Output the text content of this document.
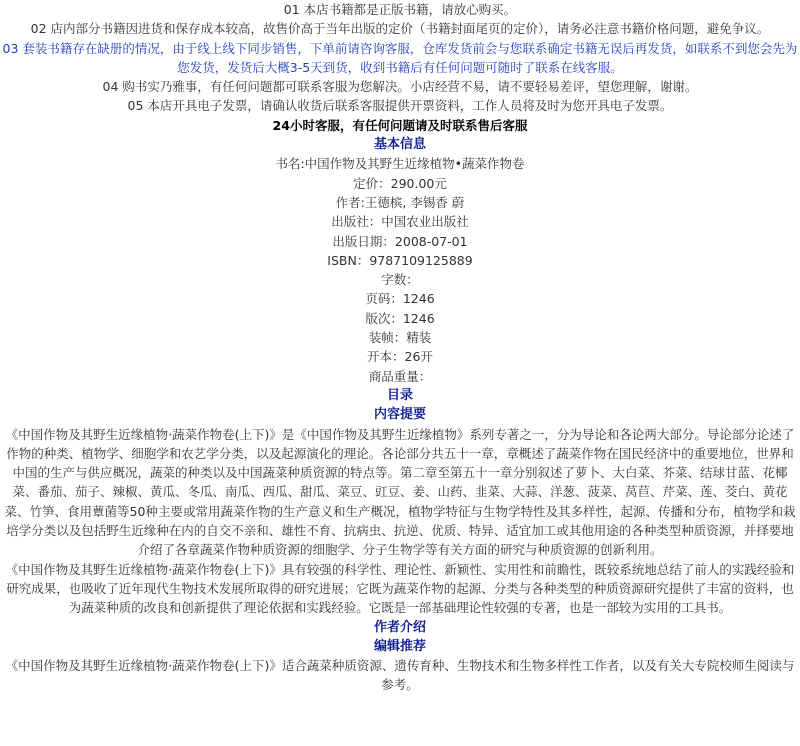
01 本店书籍都是正版书籍，请放心购买。

02 店内部分书籍因进货和保存成本较高，故售价高于当年出版的定价（书籍封面尾页的定价），请务必注意书籍价格问题，避免争议。

03 套装书籍存在缺册的情况，由于线上线下同步销售，下单前请咨询客服，仓库发货前会与您联系确定书籍无误后再发货，如联系不到您会先为您发货，发货后大概3-5天到货，收到书籍后有任何问题可随时了联系在线客服。

04 购书实乃雅事，有任何问题都可联系客服为您解决。小店经营不易，请不要轻易差评，望您理解，谢谢。

05 本店开具电子发票，请确认收货后联系客服提供开票资料，工作人员将及时为您开具电子发票。

24小时客服，有任何问题请及时联系售后客服

基本信息

书名:中国作物及其野生近缘植物•蔬菜作物卷

定价：290.00元

作者:王德槟, 李锡香 蔚

出版社：中国农业出版社

出版日期：2008-07-01

ISBN：9787109125889

字数：

页码：1246

版次：1246

装帧：精装

开本：26开

商品重量：

目录

内容提要

《中国作物及其野生近缘植物·蔬菜作物卷(上下)》是《中国作物及其野生近缘植物》系列专著之一，分为导论和各论两大部分。导论部分论述了作物的种类、植物学、细胞学和农艺学分类，以及起源演化的理论。各论部分共五十一章，章概述了蔬菜作物在国民经济中的重要地位，世界和中国的生产与供应概况，蔬菜的种类以及中国蔬菜种质资源的特点等。第二章至第五十一章分别叙述了萝卜、大白菜、芥菜、结球甘蓝、花椰菜、番茄、茄子、辣椒、黄瓜、冬瓜、南瓜、西瓜、甜瓜、菜豆、豇豆、姜、山药、韭菜、大蒜、洋葱、菠菜、莴苣、芹菜、莲、茭白、黄花菜、竹笋、食用蕈菌等50种主要或常用蔬菜作物的生产意义和生产概况，植物学特征与生物学特性及其多样性，起源、传播和分布，植物学和栽培学分类以及包括野生近缘种在内的自交不亲和、雄性不育、抗病虫、抗逆、优质、特异、适宜加工或其他用途的各种类型种质资源，并择要地介绍了各章蔬菜作物种质资源的细胞学、分子生物学等有关方面的研究与种质资源的创新利用。

《中国作物及其野生近缘植物·蔬菜作物卷(上下)》具有较强的科学性、理论性、新颖性、实用性和前瞻性，既较系统地总结了前人的实践经验和研究成果，也吸收了近年现代生物技术发展所取得的研究进展；它既为蔬菜作物的起源、分类与各种类型的种质资源研究提供了丰富的资料，也为蔬菜种质的改良和创新提供了理论依据和实践经验。它既是一部基础理论性较强的专著，也是一部较为实用的工具书。

作者介绍

编辑推荐

《中国作物及其野生近缘植物·蔬菜作物卷(上下)》适合蔬菜种质资源、遗传育种、生物技术和生物多样性工作者，以及有关大专院校师生阅读与参考。
